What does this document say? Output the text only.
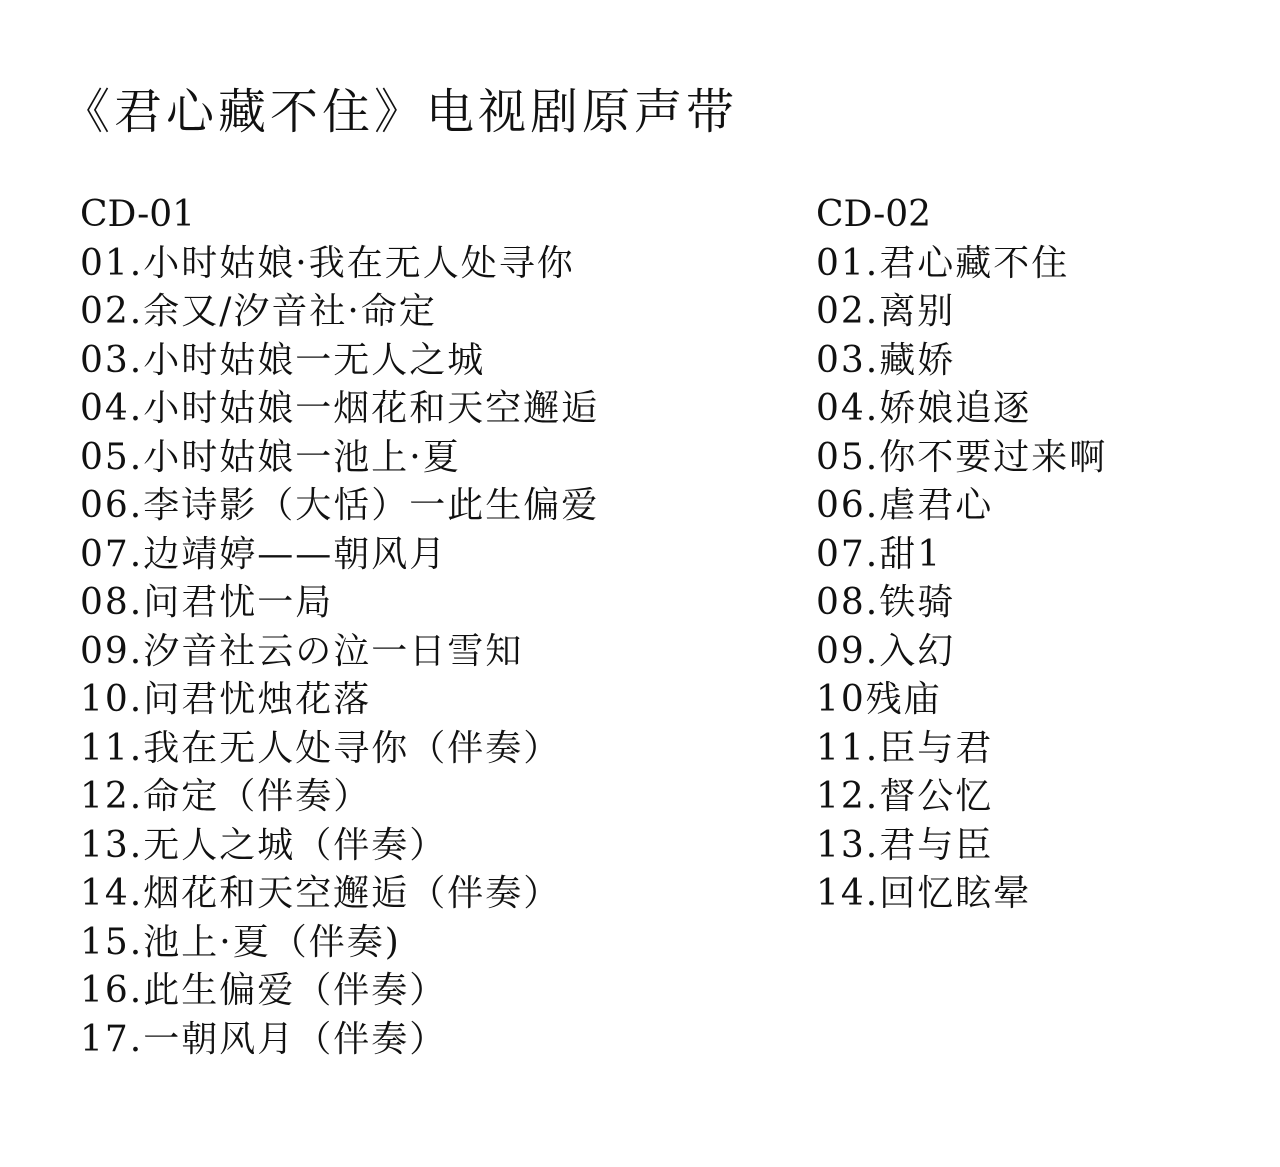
《君心藏不住》电视剧原声带
CD-01
01.小时姑娘·我在无人处寻你
02.余又/汐音社·命定
03.小时姑娘一无人之城
04.小时姑娘一烟花和天空邂逅
05.小时姑娘一池上·夏
06.李诗影（大恬）一此生偏爱
07.边靖婷——朝风月
08.问君忧一局
09.汐音社云の泣一日雪知
10.问君忧烛花落
11.我在无人处寻你（伴奏）
12.命定（伴奏）
13.无人之城（伴奏）
14.烟花和天空邂逅（伴奏）
15.池上·夏（伴奏)
16.此生偏爱（伴奏）
17.一朝风月（伴奏）
CD-02
01.君心藏不住
02.离别
03.藏娇
04.娇娘追逐
05.你不要过来啊
06.虐君心
07.甜1
08.铁骑
09.入幻
10残庙
11.臣与君
12.督公忆
13.君与臣
14.回忆眩晕
